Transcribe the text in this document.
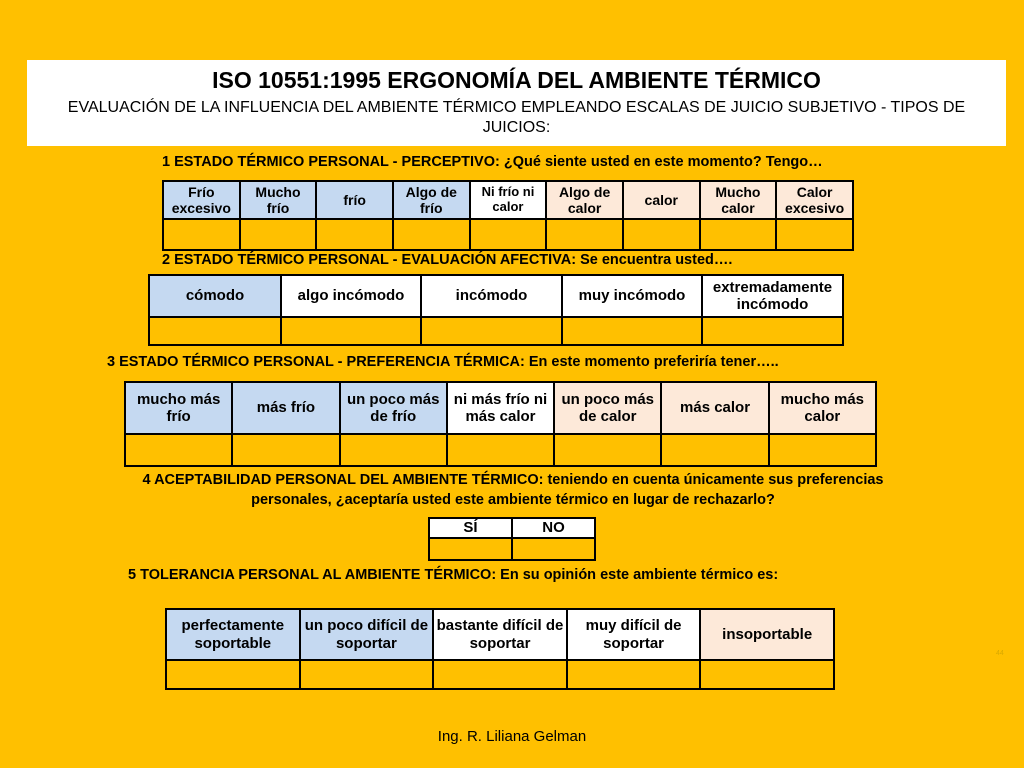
ISO 10551:1995 ERGONOMÍA DEL AMBIENTE TÉRMICO
EVALUACIÓN DE LA INFLUENCIA DEL AMBIENTE TÉRMICO EMPLEANDO ESCALAS DE JUICIO SUBJETIVO - TIPOS DE JUICIOS:
1 ESTADO TÉRMICO PERSONAL - PERCEPTIVO: ¿Qué siente usted en este momento? Tengo…
Frío excesivo	Mucho frío	frío	Algo de frío	Ni frío ni calor	Algo de calor	calor	Mucho calor	Calor excesivo

2 ESTADO TÉRMICO PERSONAL - EVALUACIÓN AFECTIVA: Se encuentra usted….
cómodo	algo incómodo	incómodo	muy incómodo	extremadamente incómodo

3 ESTADO TÉRMICO PERSONAL - PREFERENCIA TÉRMICA: En este momento preferiría tener…..
mucho más frío	más frío	un poco más de frío	ni más frío ni más calor	un poco más de calor	más calor	mucho más calor

4 ACEPTABILIDAD PERSONAL DEL AMBIENTE TÉRMICO: teniendo en cuenta únicamente sus preferencias personales, ¿aceptaría usted este ambiente térmico en lugar de rechazarlo?
SÍ	NO

5 TOLERANCIA PERSONAL AL AMBIENTE TÉRMICO: En su opinión este ambiente térmico es:
perfectamente soportable	un poco difícil de soportar	bastante difícil de soportar	muy difícil de soportar	insoportable

44
Ing. R. Liliana Gelman
